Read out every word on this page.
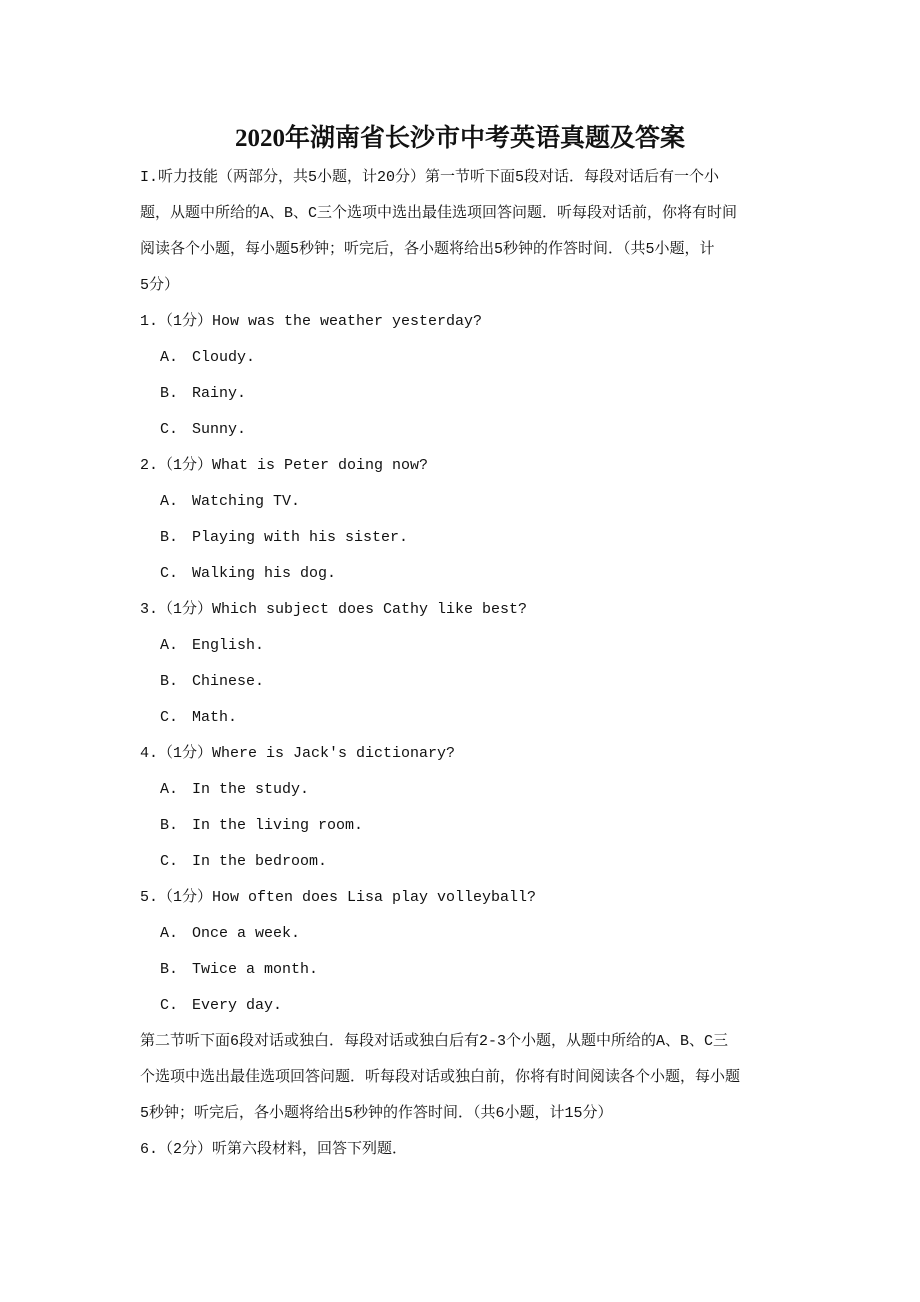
2020年湖南省长沙市中考英语真题及答案
I.听力技能（两部分，共5小题，计20分）第一节听下面5段对话．每段对话后有一个小
题，从题中所给的A、B、C三个选项中选出最佳选项回答问题．听每段对话前，你将有时间
阅读各个小题，每小题5秒钟；听完后，各小题将给出5秒钟的作答时间．（共5小题，计
5分）
1.（1分）How was the weather yesterday?
A. Cloudy.
B. Rainy.
C. Sunny.
2.（1分）What is Peter doing now?
A. Watching TV.
B. Playing with his sister.
C. Walking his dog.
3.（1分）Which subject does Cathy like best?
A. English.
B. Chinese.
C. Math.
4.（1分）Where is Jack's dictionary?
A. In the study.
B. In the living room.
C. In the bedroom.
5.（1分）How often does Lisa play volleyball?
A. Once a week.
B. Twice a month.
C. Every day.
第二节听下面6段对话或独白．每段对话或独白后有2-3个小题，从题中所给的A、B、C三
个选项中选出最佳选项回答问题．听每段对话或独白前，你将有时间阅读各个小题，每小题
5秒钟；听完后，各小题将给出5秒钟的作答时间．（共6小题，计15分）
6.（2分）听第六段材料，回答下列题．
